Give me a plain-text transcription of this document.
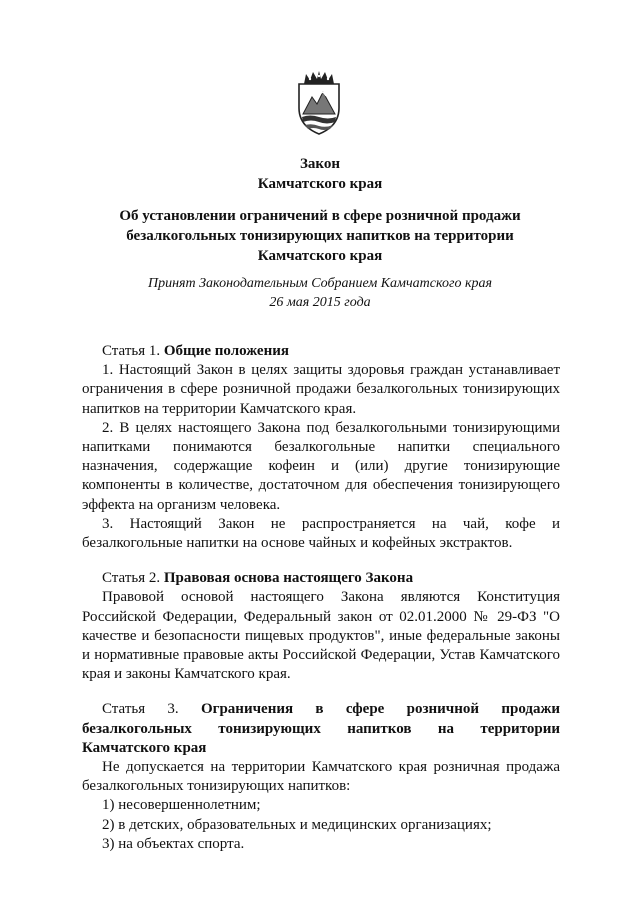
Закон
Камчатского края
Об установлении ограничений в сфере розничной продажи
безалкогольных тонизирующих напитков на территории
Камчатского края
Принят Законодательным Собранием Камчатского края
26 мая 2015 года

Статья 1. Общие положения

1. Настоящий Закон в целях защиты здоровья граждан устанавливает ограничения в сфере розничной продажи безалкогольных тонизирующих напитков на территории Камчатского края.

2. В целях настоящего Закона под безалкогольными тонизирующими напитками понимаются безалкогольные напитки специального назначения, содержащие кофеин и (или) другие тонизирующие компоненты в количестве, достаточном для обеспечения тонизирующего эффекта на организм человека.

3. Настоящий Закон не распространяется на чай, кофе и безалкогольные напитки на основе чайных и кофейных экстрактов.

Статья 2. Правовая основа настоящего Закона

Правовой основой настоящего Закона являются Конституция Российской Федерации, Федеральный закон от 02.01.2000 № 29-ФЗ "О качестве и безопасности пищевых продуктов", иные федеральные законы и нормативные правовые акты Российской Федерации, Устав Камчатского края и законы Камчатского края.

Статья 3. Ограничения в сфере розничной продажи безалкогольных тонизирующих напитков на территории Камчатского края

Не допускается на территории Камчатского края розничная продажа безалкогольных тонизирующих напитков:

1) несовершеннолетним;

2) в детских, образовательных и медицинских организациях;

3) на объектах спорта.
